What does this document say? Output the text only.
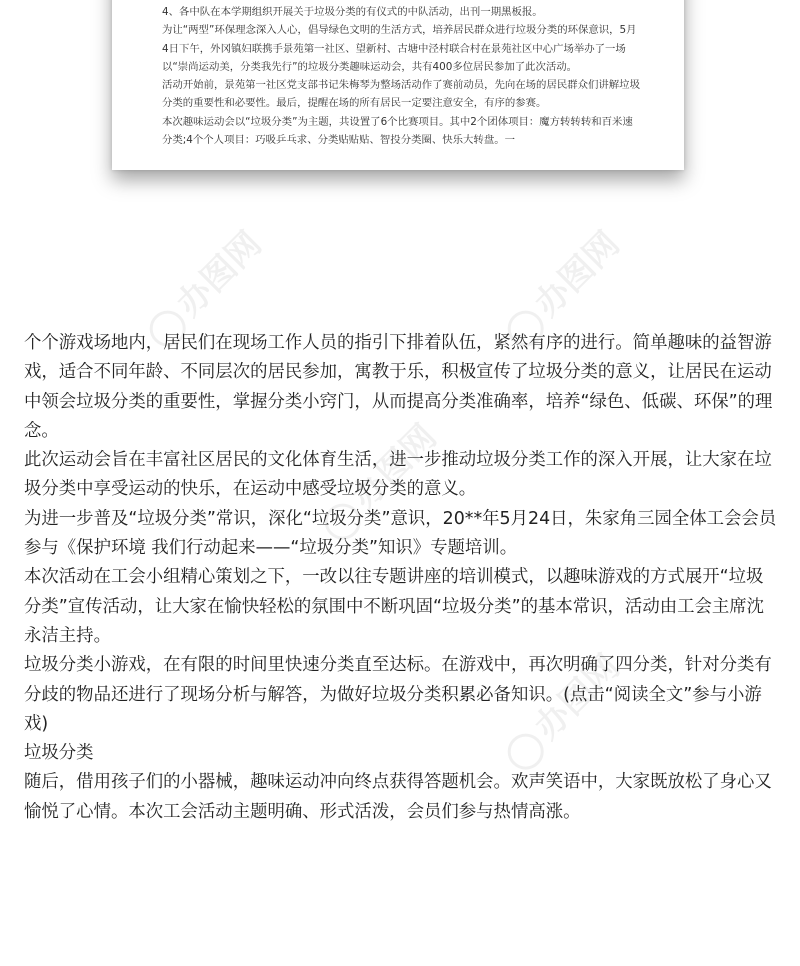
4、各中队在本学期组织开展关于垃圾分类的有仪式的中队活动，出刊一期黑板报。

为让“两型”环保理念深入人心，倡导绿色文明的生活方式，培养居民群众进行垃圾分类的环保意识，5月4日下午，外冈镇妇联携手景苑第一社区、望新村、古塘中泾村联合村在景苑社区中心广场举办了一场以“崇尚运动美，分类我先行”的垃圾分类趣味运动会，共有400多位居民参加了此次活动。

活动开始前，景苑第一社区党支部书记朱梅琴为整场活动作了赛前动员，先向在场的居民群众们讲解垃圾分类的重要性和必要性。最后，提醒在场的所有居民一定要注意安全，有序的参赛。

本次趣味运动会以“垃圾分类”为主题，共设置了6个比赛项目。其中2个团体项目：魔方转转转和百米速分类;4个个人项目：巧吸乒乓求、分类贴贴贴、智投分类圈、快乐大转盘。一

办图网	办图网
办图网
办图网

个个游戏场地内，居民们在现场工作人员的指引下排着队伍，紧然有序的进行。简单趣味的益智游戏，适合不同年龄、不同层次的居民参加，寓教于乐，积极宣传了垃圾分类的意义，让居民在运动中领会垃圾分类的重要性，掌握分类小窍门，从而提高分类准确率，培养“绿色、低碳、环保”的理念。

此次运动会旨在丰富社区居民的文化体育生活，进一步推动垃圾分类工作的深入开展，让大家在垃圾分类中享受运动的快乐，在运动中感受垃圾分类的意义。

为进一步普及“垃圾分类”常识，深化“垃圾分类”意识，20**年5月24日，朱家角三园全体工会会员参与《保护环境 我们行动起来——“垃圾分类”知识》专题培训。

本次活动在工会小组精心策划之下，一改以往专题讲座的培训模式，以趣味游戏的方式展开“垃圾分类”宣传活动，让大家在愉快轻松的氛围中不断巩固“垃圾分类”的基本常识，活动由工会主席沈永洁主持。

垃圾分类小游戏，在有限的时间里快速分类直至达标。在游戏中，再次明确了四分类，针对分类有分歧的物品还进行了现场分析与解答，为做好垃圾分类积累必备知识。(点击“阅读全文”参与小游戏)

垃圾分类

随后，借用孩子们的小器械，趣味运动冲向终点获得答题机会。欢声笑语中，大家既放松了身心又愉悦了心情。本次工会活动主题明确、形式活泼，会员们参与热情高涨。
